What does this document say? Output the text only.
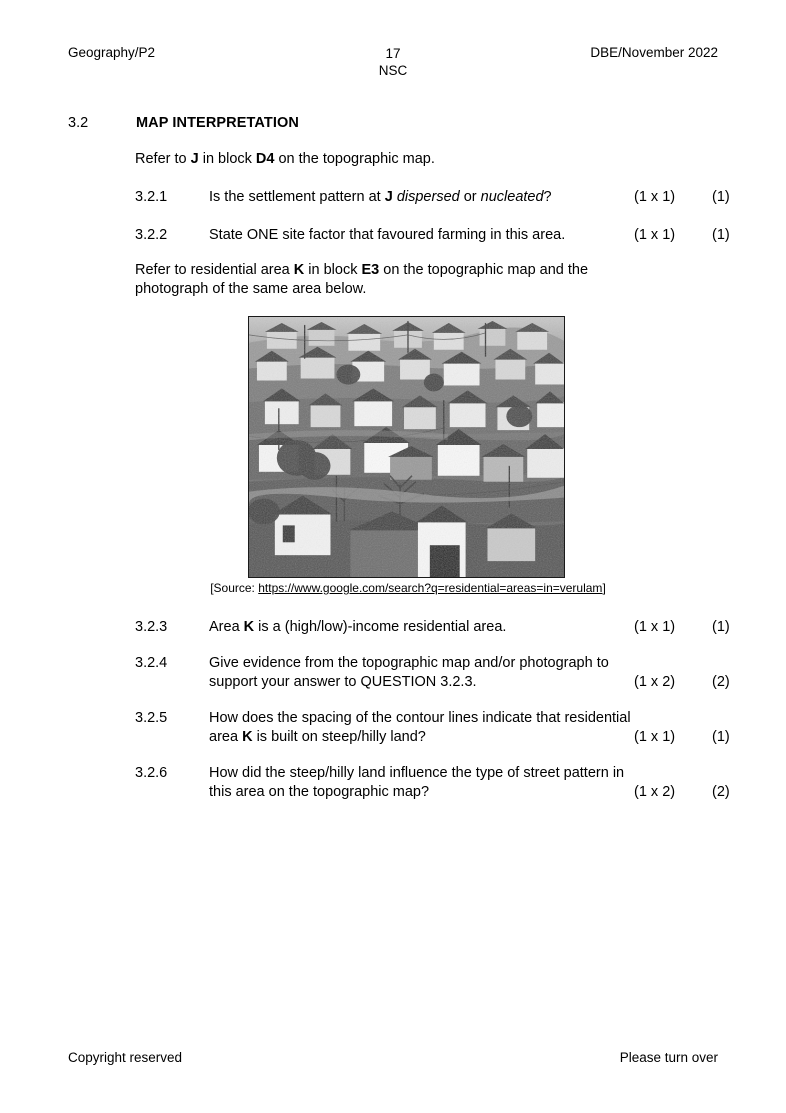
Geography/P2	17
NSC
DBE/November 2022
3.2	MAP INTERPRETATION
Refer to J in block D4 on the topographic map.
3.2.1	Is the settlement pattern at J dispersed or nucleated?	(1 x 1)	(1)
3.2.2	State ONE site factor that favoured farming in this area.	(1 x 1)	(1)
Refer to residential area K in block E3 on the topographic map and the
photograph of the same area below.
[Source: https://www.google.com/search?q=residential=areas=in=verulam]
3.2.3	Area K is a (high/low)-income residential area.	(1 x 1)	(1)
3.2.4	Give evidence from the topographic map and/or photograph to
support your answer to QUESTION 3.2.3.	(1 x 2)	(2)
3.2.5	How does the spacing of the contour lines indicate that residential
area K is built on steep/hilly land?	(1 x 1)	(1)
3.2.6	How did the steep/hilly land influence the type of street pattern in
this area on the topographic map?	(1 x 2)	(2)
Copyright reserved	Please turn over
